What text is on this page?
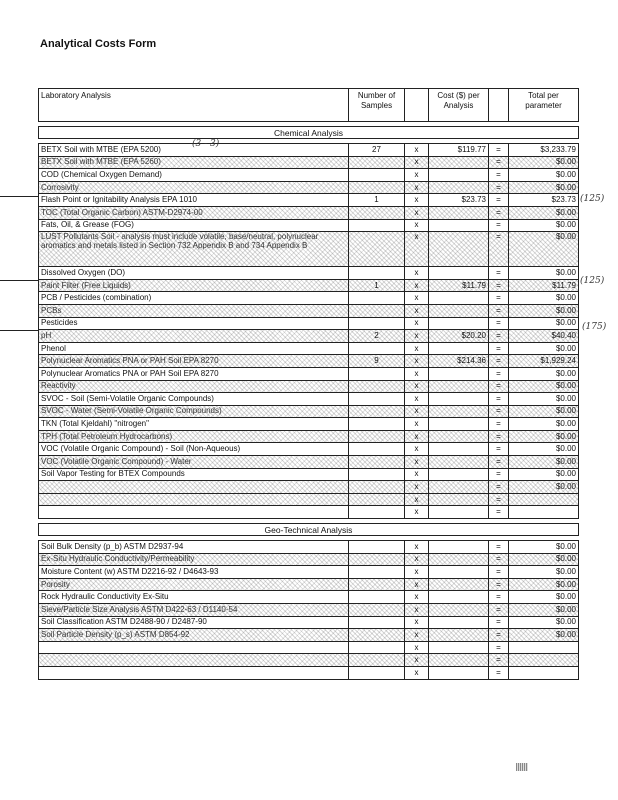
Analytical Costs Form
Laboratory Analysis	Number of Samples		Cost ($) per Analysis		Total per parameter

Chemical Analysis					

BETX Soil with MTBE (EPA 5200)	27	x	$119.77	=	$3,233.79
BETX Soil with MTBE (EPA 5260)		x		=	$0.00
COD (Chemical Oxygen Demand)		x		=	$0.00
Corrosivity		x		=	$0.00
Flash Point or Ignitability Analysis EPA 1010	1	x	$23.73	=	$23.73
TOC (Total Organic Carbon) ASTM-D2974-00		x		=	$0.00
Fats, Oil, & Grease (FOG)		x		=	$0.00
LUST Pollutants Soil - analysis must include volatile, base/neutral, polynuclear aromatics and metals listed in Section 732 Appendix B and 734 Appendix B		x		=	$0.00
Dissolved Oxygen (DO)		x		=	$0.00
Paint Filter (Free Liquids)	1	x	$11.79	=	$11.79
PCB / Pesticides (combination)		x		=	$0.00
PCBs		x		=	$0.00
Pesticides		x		=	$0.00
pH	2	x	$20.20	=	$40.40
Phenol		x		=	$0.00
Polynuclear Aromatics PNA or PAH Soil EPA 8270	9	x	$214.36	=	$1,929.24
Polynuclear Aromatics PNA or PAH Soil EPA 8270		x		=	$0.00
Reactivity		x		=	$0.00
SVOC - Soil (Semi-Volatile Organic Compounds)		x		=	$0.00
SVOC - Water (Semi-Volatile Organic Compounds)		x		=	$0.00
TKN (Total Kjeldahl) "nitrogen"		x		=	$0.00
TPH (Total Petroleum Hydrocarbons)		x		=	$0.00
VOC (Volatile Organic Compound) - Soil (Non-Aqueous)		x		=	$0.00
VOC (Volatile Organic Compound) - Water		x		=	$0.00
Soil Vapor Testing for BTEX Compounds		x		=	$0.00
		x		=	$0.00
		x		=	
		x		=	

Geo-Technical Analysis					

Soil Bulk Density (p_b) ASTM D2937-94		x		=	$0.00
Ex-Situ Hydraulic Conductivity/Permeability		x		=	$0.00
Moisture Content (w) ASTM D2216-92 / D4643-93		x		=	$0.00
Porosity		x		=	$0.00
Rock Hydraulic Conductivity Ex-Situ		x		=	$0.00
Sieve/Particle Size Analysis ASTM D422-63 / D1140-54		x		=	$0.00
Soil Classification ASTM D2488-90 / D2487-90		x		=	$0.00
Soil Particle Density (p_s) ASTM D854-92		x		=	$0.00
		x		=	
		x		=	
		x		=	
(3 - 3)
(125)
(125)
(175)
